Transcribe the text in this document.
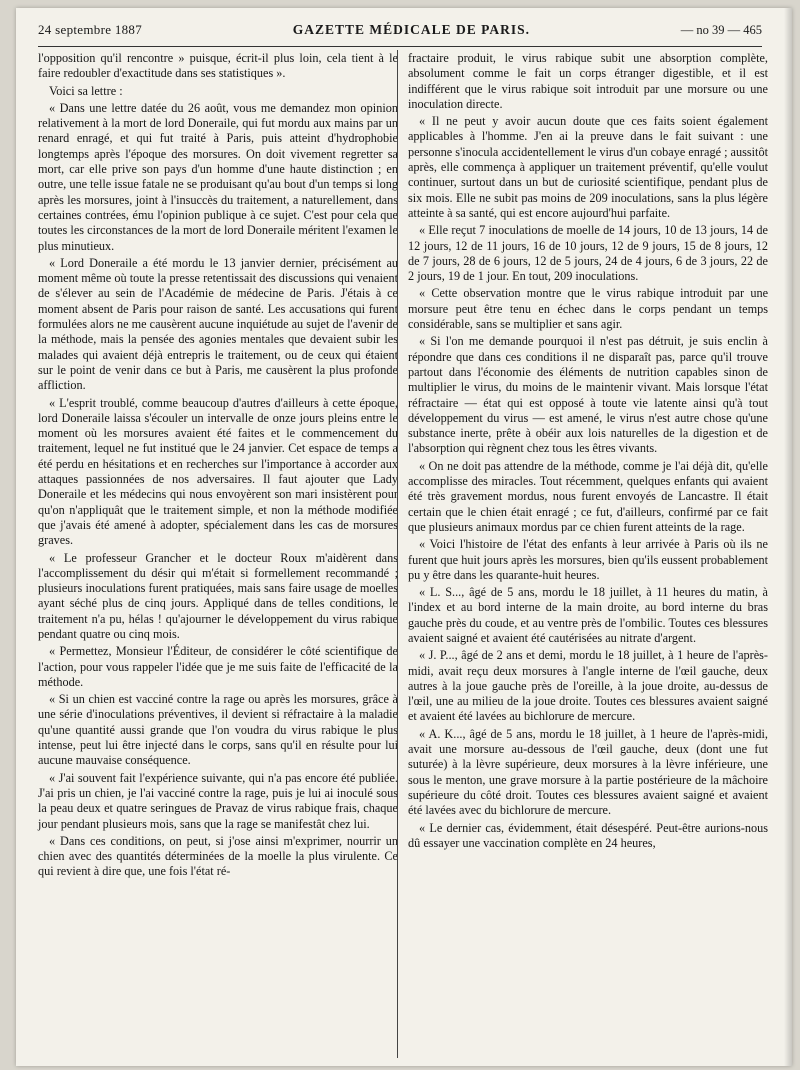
24 septembre 1887	GAZETTE MÉDICALE DE PARIS.	— no 39 — 465

l'opposition qu'il rencontre » puisque, écrit-il plus loin, cela tient à le faire redoubler d'exactitude dans ses statistiques ».

Voici sa lettre :

« Dans une lettre datée du 26 août, vous me demandez mon opinion relativement à la mort de lord Doneraile, qui fut mordu aux mains par un renard enragé, et qui fut traité à Paris, puis atteint d'hydrophobie longtemps après l'époque des morsures. On doit vivement regretter sa mort, car elle prive son pays d'un homme d'une haute distinction ; en outre, une telle issue fatale ne se produisant qu'au bout d'un temps si long après les morsures, joint à l'insuccès du traitement, a naturellement, dans certaines contrées, ému l'opinion publique à ce sujet. C'est pour cela que toutes les circonstances de la mort de lord Doneraile méritent l'examen le plus minutieux.

« Lord Doneraile a été mordu le 13 janvier dernier, précisément au moment même où toute la presse retentissait des discussions qui venaient de s'élever au sein de l'Académie de médecine de Paris. J'étais à ce moment absent de Paris pour raison de santé. Les accusations qui furent formulées alors ne me causèrent aucune inquiétude au sujet de l'avenir de la méthode, mais la pensée des agonies mentales que devaient subir les malades qui avaient déjà entrepris le traitement, ou de ceux qui étaient sur le point de venir dans ce but à Paris, me causèrent la plus profonde affliction.

« L'esprit troublé, comme beaucoup d'autres d'ailleurs à cette époque, lord Doneraile laissa s'écouler un intervalle de onze jours pleins entre le moment où les morsures avaient été faites et le commencement du traitement, lequel ne fut institué que le 24 janvier. Cet espace de temps a été perdu en hésitations et en recherches sur l'importance à accorder aux attaques passionnées de nos adversaires. Il faut ajouter que Lady Doneraile et les médecins qui nous envoyèrent son mari insistèrent pour qu'on n'appliquât que le traitement simple, et non la méthode modifiée que j'avais été amené à adopter, spécialement dans les cas de morsures graves.

« Le professeur Grancher et le docteur Roux m'aidèrent dans l'accomplissement du désir qui m'était si formellement recommandé ; plusieurs inoculations furent pratiquées, mais sans faire usage de moelles ayant séché plus de cinq jours. Appliqué dans de telles conditions, le traitement n'a pu, hélas ! qu'ajourner le développement du virus rabique pendant quatre ou cinq mois.

« Permettez, Monsieur l'Éditeur, de considérer le côté scientifique de l'action, pour vous rappeler l'idée que je me suis faite de l'efficacité de la méthode.

« Si un chien est vacciné contre la rage ou après les morsures, grâce à une série d'inoculations préventives, il devient si réfractaire à la maladie qu'une quantité aussi grande que l'on voudra du virus rabique le plus intense, peut lui être injecté dans le corps, sans qu'il en résulte pour lui aucune mauvaise conséquence.

« J'ai souvent fait l'expérience suivante, qui n'a pas encore été publiée. J'ai pris un chien, je l'ai vacciné contre la rage, puis je lui ai inoculé sous la peau deux et quatre seringues de Pravaz de virus rabique frais, chaque jour pendant plusieurs mois, sans que la rage se manifestât chez lui.

« Dans ces conditions, on peut, si j'ose ainsi m'exprimer, nourrir un chien avec des quantités déterminées de la moelle la plus virulente. Ce qui revient à dire que, une fois l'état ré-

fractaire produit, le virus rabique subit une absorption complète, absolument comme le fait un corps étranger digestible, et il est indifférent que le virus rabique soit introduit par une morsure ou une inoculation directe.

« Il ne peut y avoir aucun doute que ces faits soient également applicables à l'homme. J'en ai la preuve dans le fait suivant : une personne s'inocula accidentellement le virus d'un cobaye enragé ; aussitôt après, elle commença à appliquer un traitement préventif, qu'elle voulut continuer, surtout dans un but de curiosité scientifique, pendant plus de six mois. Elle ne subit pas moins de 209 inoculations, sans la plus légère atteinte à sa santé, qui est encore aujourd'hui parfaite.

« Elle reçut 7 inoculations de moelle de 14 jours, 10 de 13 jours, 14 de 12 jours, 12 de 11 jours, 16 de 10 jours, 12 de 9 jours, 15 de 8 jours, 12 de 7 jours, 28 de 6 jours, 12 de 5 jours, 24 de 4 jours, 6 de 3 jours, 22 de 2 jours, 19 de 1 jour. En tout, 209 inoculations.

« Cette observation montre que le virus rabique introduit par une morsure peut être tenu en échec dans le corps pendant un temps considérable, sans se multiplier et sans agir.

« Si l'on me demande pourquoi il n'est pas détruit, je suis enclin à répondre que dans ces conditions il ne disparaît pas, parce qu'il trouve partout dans l'économie des éléments de nutrition capables sinon de multiplier le virus, du moins de le maintenir vivant. Mais lorsque l'état réfractaire — état qui est opposé à toute vie latente ainsi qu'à tout développement du virus — est amené, le virus n'est autre chose qu'une substance inerte, prête à obéir aux lois naturelles de la digestion et de l'absorption qui règnent chez tous les êtres vivants.

« On ne doit pas attendre de la méthode, comme je l'ai déjà dit, qu'elle accomplisse des miracles. Tout récemment, quelques enfants qui avaient été très gravement mordus, nous furent envoyés de Lancastre. Il était certain que le chien était enragé ; ce fut, d'ailleurs, confirmé par ce fait que plusieurs animaux mordus par ce chien furent atteints de la rage.

« Voici l'histoire de l'état des enfants à leur arrivée à Paris où ils ne furent que huit jours après les morsures, bien qu'ils eussent probablement pu y être dans les quarante-huit heures.

« L. S..., âgé de 5 ans, mordu le 18 juillet, à 11 heures du matin, à l'index et au bord interne de la main droite, au bord interne du bras gauche près du coude, et au ventre près de l'ombilic. Toutes ces blessures avaient saigné et avaient été cautérisées au nitrate d'argent.

« J. P..., âgé de 2 ans et demi, mordu le 18 juillet, à 1 heure de l'après-midi, avait reçu deux morsures à l'angle interne de l'œil gauche, deux autres à la joue gauche près de l'oreille, à la joue droite, au-dessus de l'œil, une au milieu de la joue droite. Toutes ces blessures avaient saigné et avaient été lavées au bichlorure de mercure.

« A. K..., âgé de 5 ans, mordu le 18 juillet, à 1 heure de l'après-midi, avait une morsure au-dessous de l'œil gauche, deux (dont une fut suturée) à la lèvre supérieure, deux morsures à la lèvre inférieure, une sous le menton, une grave morsure à la partie postérieure de la mâchoire supérieure du côté droit. Toutes ces blessures avaient saigné et avaient été lavées avec du bichlorure de mercure.

« Le dernier cas, évidemment, était désespéré. Peut-être aurions-nous dû essayer une vaccination complète en 24 heures,
